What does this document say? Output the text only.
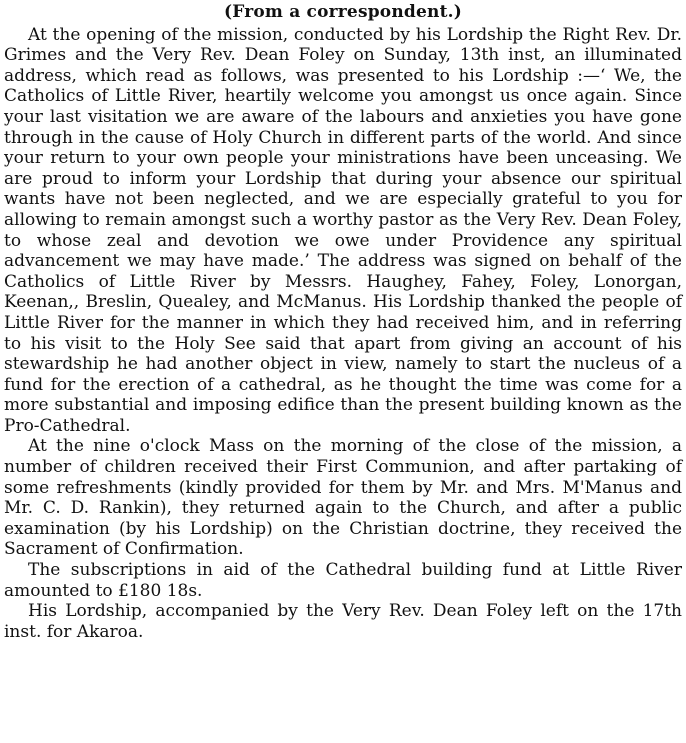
(From a correspondent.)

At the opening of the mission, conducted by his Lordship the Right Rev. Dr. Grimes and the Very Rev. Dean Foley on Sunday, 13th inst, an illuminated address, which read as follows, was presented to his Lordship :—‘ We, the Catholics of Little River, heartily welcome you amongst us once again. Since your last visitation we are aware of the labours and anxieties you have gone through in the cause of Holy Church in different parts of the world. And since your return to your own people your ministrations have been unceasing. We are proud to inform your Lordship that during your absence our spiritual wants have not been neglected, and we are especially grateful to you for allowing to remain amongst such a worthy pastor as the Very Rev. Dean Foley, to whose zeal and devotion we owe under Providence any spiritual advancement we may have made.’ The address was signed on behalf of the Catholics of Little River by Messrs. Haughey, Fahey, Foley, Lonorgan, Keenan,, Breslin, Quealey, and McManus. His Lordship thanked the people of Little River for the manner in which they had received him, and in referring to his visit to the Holy See said that apart from giving an account of his stewardship he had another object in view, namely to start the nucleus of a fund for the erection of a cathedral, as he thought the time was come for a more substantial and imposing edifice than the present building known as the Pro-Cathedral.

At the nine o'clock Mass on the morning of the close of the mission, a number of children received their First Communion, and after partaking of some refreshments (kindly provided for them by Mr. and Mrs. M'Manus and Mr. C. D. Rankin), they returned again to the Church, and after a public examination (by his Lordship) on the Christian doctrine, they received the Sacrament of Confirmation.

The subscriptions in aid of the Cathedral building fund at Little River amounted to £180 18s.

His Lordship, accompanied by the Very Rev. Dean Foley left on the 17th inst. for Akaroa.
